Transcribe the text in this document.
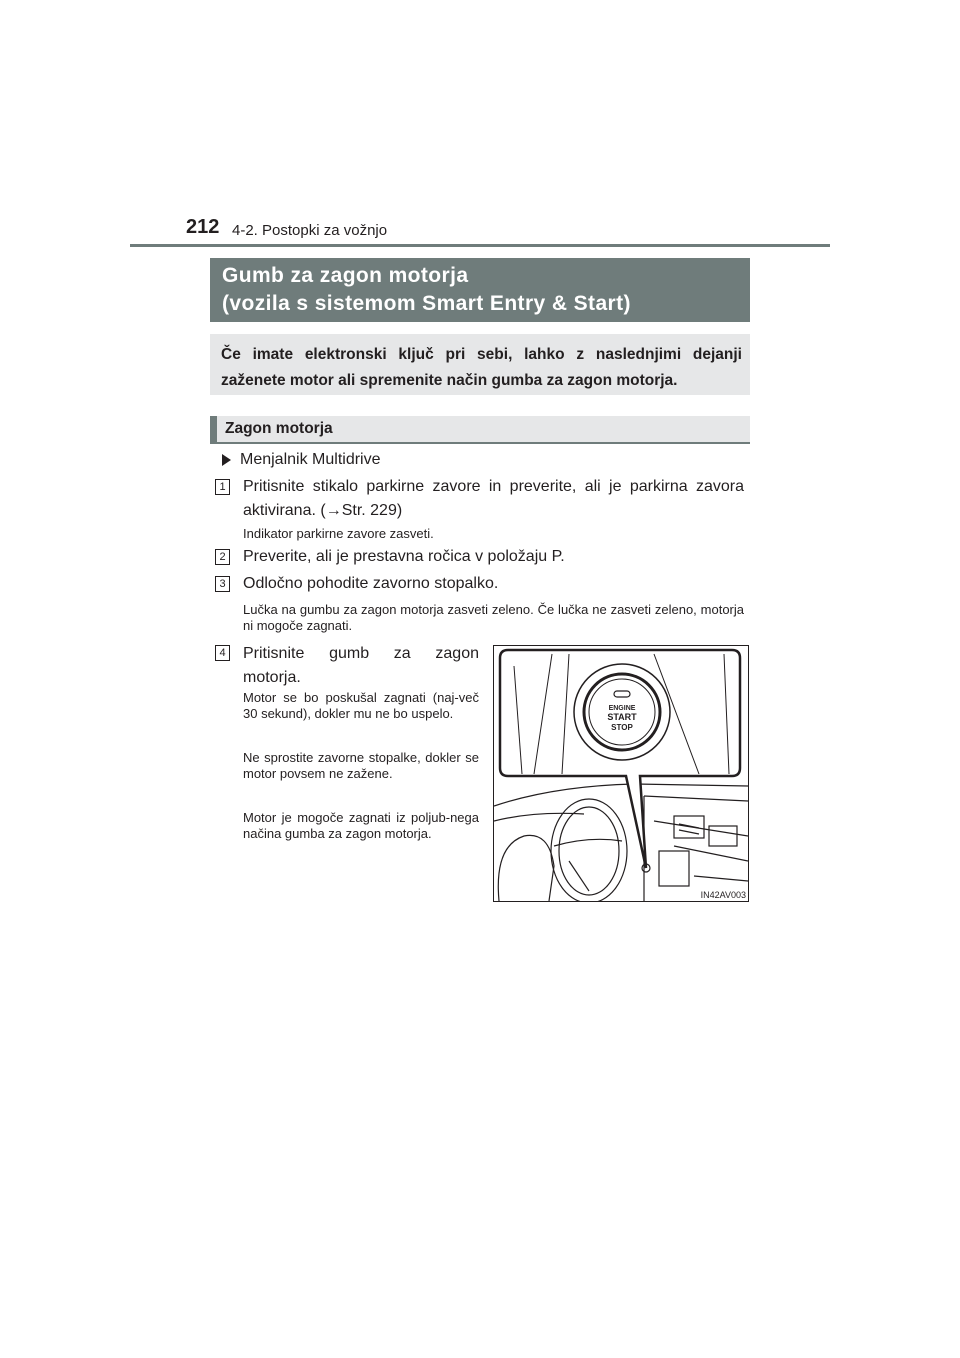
212 4-2. Postopki za vožnjo
Gumb za zagon motorja
(vozila s sistemom Smart Entry & Start)
Če imate elektronski ključ pri sebi, lahko z naslednjimi dejanji zaženete motor ali spremenite način gumba za zagon motorja.
Zagon motorja
Menjalnik Multidrive
1 Pritisnite stikalo parkirne zavore in preverite, ali je parkirna zavora aktivirana. (→Str. 229)
Indikator parkirne zavore zasveti.
2 Preverite, ali je prestavna ročica v položaju P.
3 Odločno pohodite zavorno stopalko.
Lučka na gumbu za zagon motorja zasveti zeleno. Če lučka ne zasveti zeleno, motorja ni mogoče zagnati.
4 Pritisnite gumb za zagon motorja.
Motor se bo poskušal zagnati (naj-več 30 sekund), dokler mu ne bo uspelo.
Ne sprostite zavorne stopalke, dokler se motor povsem ne zažene.
Motor je mogoče zagnati iz poljub-nega načina gumba za zagon motorja.
ENGINE
START
STOP
IN42AV003
